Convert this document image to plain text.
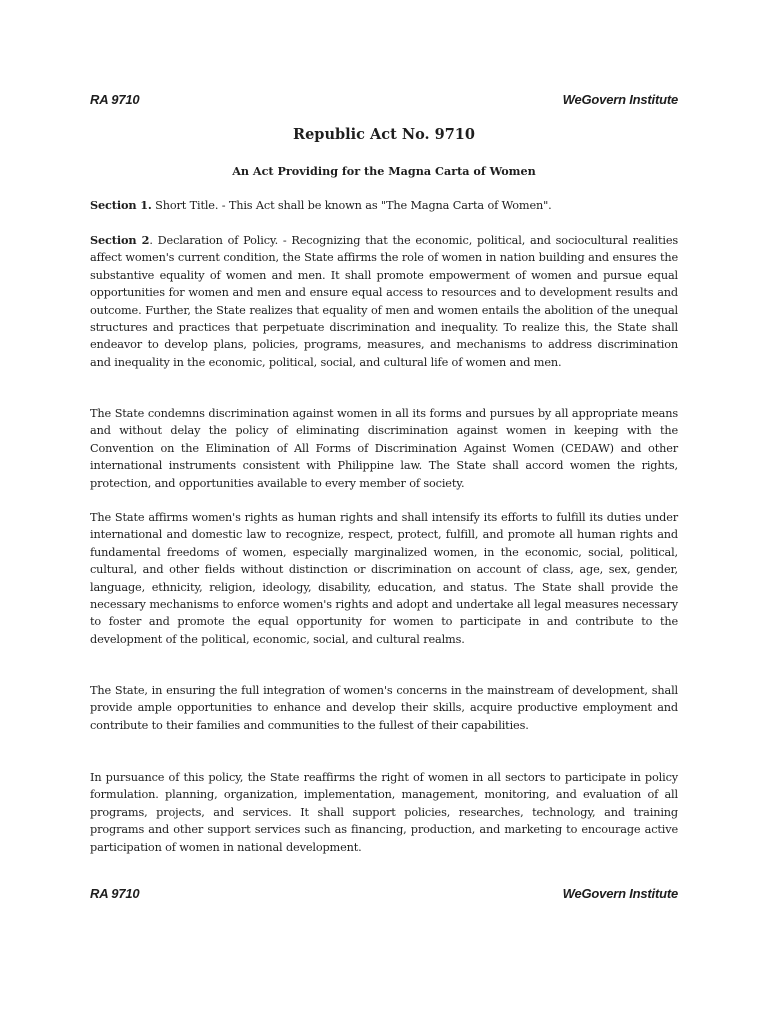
RA 9710	WeGovern Institute
Republic Act No. 9710
An Act Providing for the Magna Carta of Women

Section 1. Short Title. - This Act shall be known as "The Magna Carta of Women".

Section 2. Declaration of Policy. - Recognizing that the economic, political, and sociocultural realities affect women's current condition, the State affirms the role of women in nation building and ensures the substantive equality of women and men. It shall promote empowerment of women and pursue equal opportunities for women and men and ensure equal access to resources and to development results and outcome. Further, the State realizes that equality of men and women entails the abolition of the unequal structures and practices that perpetuate discrimination and inequality. To realize this, the State shall endeavor to develop plans, policies, programs, measures, and mechanisms to address discrimination and inequality in the economic, political, social, and cultural life of women and men.

The State condemns discrimination against women in all its forms and pursues by all appropriate means and without delay the policy of eliminating discrimination against women in keeping with the Convention on the Elimination of All Forms of Discrimination Against Women (CEDAW) and other international instruments consistent with Philippine law. The State shall accord women the rights, protection, and opportunities available to every member of society.

The State affirms women's rights as human rights and shall intensify its efforts to fulfill its duties under international and domestic law to recognize, respect, protect, fulfill, and promote all human rights and fundamental freedoms of women, especially marginalized women, in the economic, social, political, cultural, and other fields without distinction or discrimination on account of class, age, sex, gender, language, ethnicity, religion, ideology, disability, education, and status. The State shall provide the necessary mechanisms to enforce women's rights and adopt and undertake all legal measures necessary to foster and promote the equal opportunity for women to participate in and contribute to the development of the political, economic, social, and cultural realms.

The State, in ensuring the full integration of women's concerns in the mainstream of development, shall provide ample opportunities to enhance and develop their skills, acquire productive employment and contribute to their families and communities to the fullest of their capabilities.

In pursuance of this policy, the State reaffirms the right of women in all sectors to participate in policy formulation. planning, organization, implementation, management, monitoring, and evaluation of all programs, projects, and services. It shall support policies, researches, technology, and training programs and other support services such as financing, production, and marketing to encourage active participation of women in national development.

RA 9710	WeGovern Institute
